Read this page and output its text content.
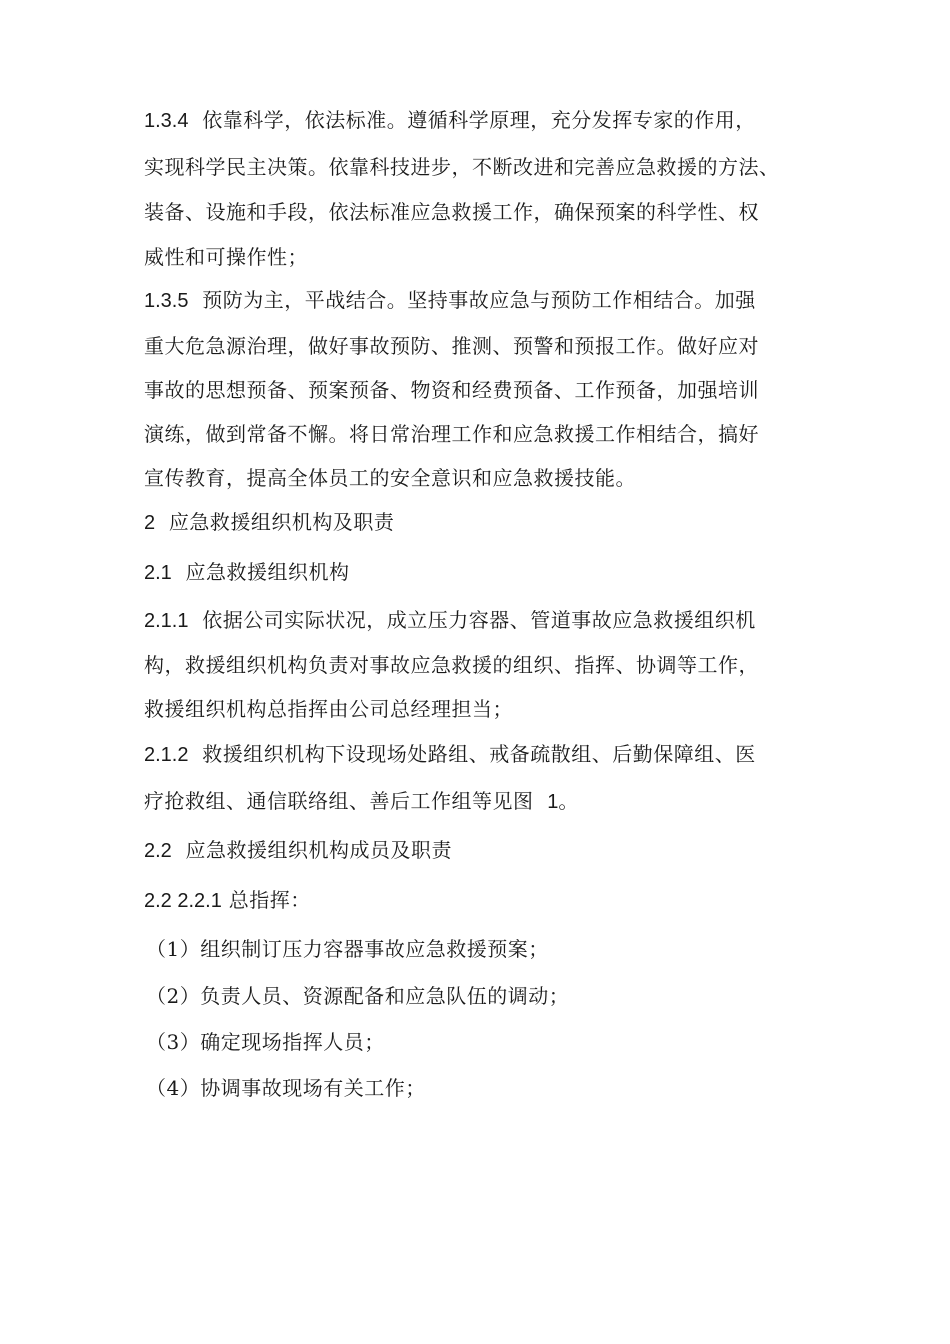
1.3.4 依靠科学，依法标准。遵循科学原理，充分发挥专家的作用，
实现科学民主决策。依靠科技进步，不断改进和完善应急救援的方法、
装备、设施和手段，依法标准应急救援工作，确保预案的科学性、权
威性和可操作性；
1.3.5 预防为主，平战结合。坚持事故应急与预防工作相结合。加强
重大危急源治理，做好事故预防、推测、预警和预报工作。做好应对
事故的思想预备、预案预备、物资和经费预备、工作预备，加强培训
演练，做到常备不懈。将日常治理工作和应急救援工作相结合，搞好
宣传教育，提高全体员工的安全意识和应急救援技能。
2 应急救援组织机构及职责
2.1 应急救援组织机构
2.1.1 依据公司实际状况，成立压力容器、管道事故应急救援组织机
构，救援组织机构负责对事故应急救援的组织、指挥、协调等工作，
救援组织机构总指挥由公司总经理担当；
2.1.2 救援组织机构下设现场处路组、戒备疏散组、后勤保障组、医
疗抢救组、通信联络组、善后工作组等见图 1。
2.2 应急救援组织机构成员及职责
2.2 2.2.1 总指挥：
（1）组织制订压力容器事故应急救援预案；
（2）负责人员、资源配备和应急队伍的调动；
（3）确定现场指挥人员；
（4）协调事故现场有关工作；
